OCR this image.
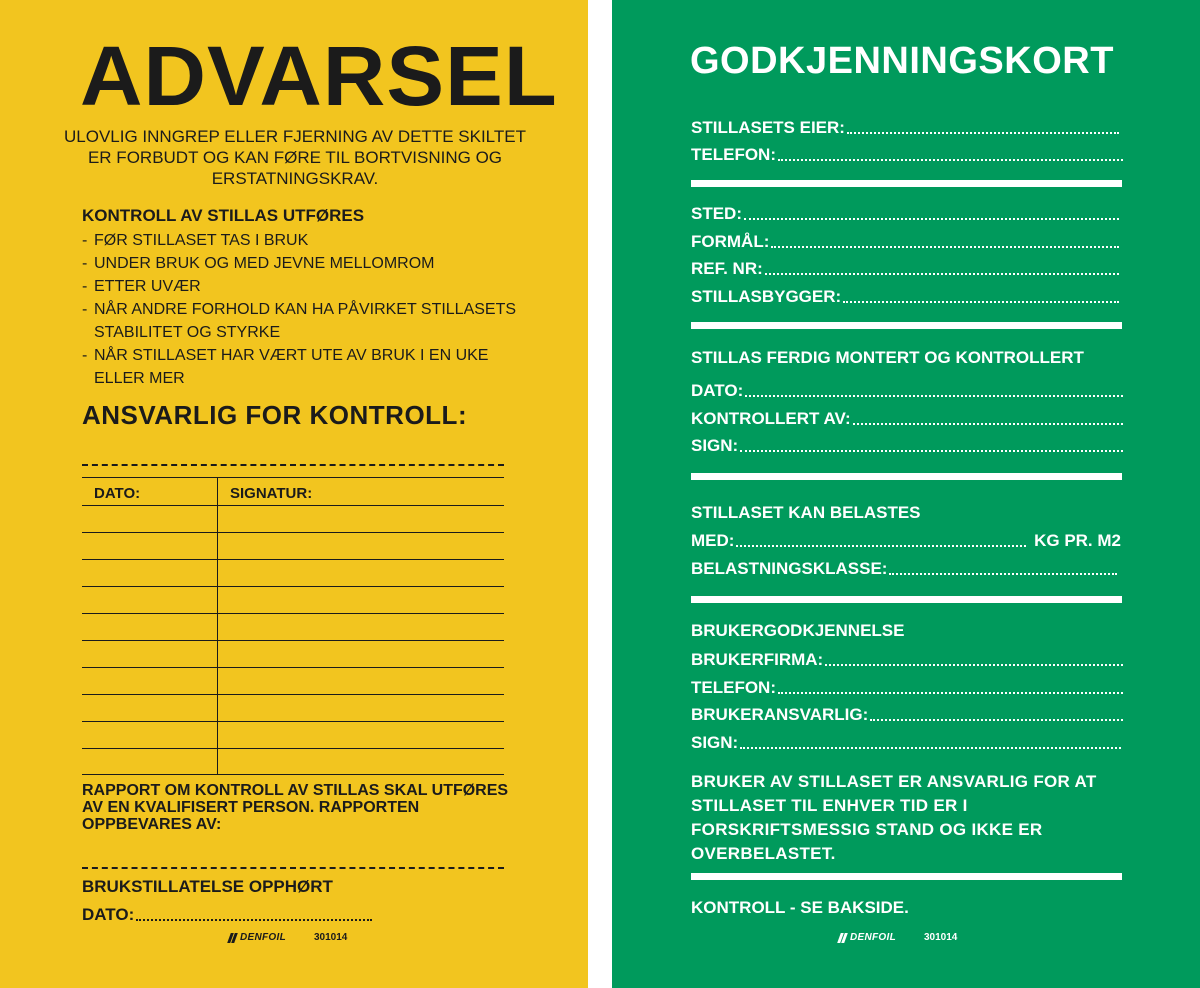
ADVARSEL
ULOVLIG INNGREP ELLER FJERNING AV DETTE SKILTET ER FORBUDT OG KAN FØRE TIL BORTVISNING OG ERSTATNINGSKRAV.
KONTROLL AV STILLAS UTFØRES
- FØR STILLASET TAS I BRUK
- UNDER BRUK OG MED JEVNE MELLOMROM
- ETTER UVÆR
- NÅR ANDRE FORHOLD KAN HA PÅVIRKET STILLASETS STABILITET OG STYRKE
- NÅR STILLASET HAR VÆRT UTE AV BRUK I EN UKE ELLER MER
ANSVARLIG FOR KONTROLL:
DATO:	SIGNATUR:
RAPPORT OM KONTROLL AV STILLAS SKAL UTFØRES AV EN KVALIFISERT PERSON. RAPPORTEN OPPBEVARES AV:
BRUKSTILLATELSE OPPHØRT
DATO:
DENFOIL	301014
GODKJENNINGSKORT
STILLASETS EIER:
TELEFON:
STED:
FORMÅL:
REF. NR:
STILLASBYGGER:
STILLAS FERDIG MONTERT OG KONTROLLERT
DATO:
KONTROLLERT AV:
SIGN:
STILLASET KAN BELASTES
MED:	KG PR. M2
BELASTNINGSKLASSE:
BRUKERGODKJENNELSE
BRUKERFIRMA:
TELEFON:
BRUKERANSVARLIG:
SIGN:
BRUKER AV STILLASET ER ANSVARLIG FOR AT STILLASET TIL ENHVER TID ER I FORSKRIFTSMESSIG STAND OG IKKE ER OVERBELASTET.
KONTROLL - SE BAKSIDE.
DENFOIL	301014
